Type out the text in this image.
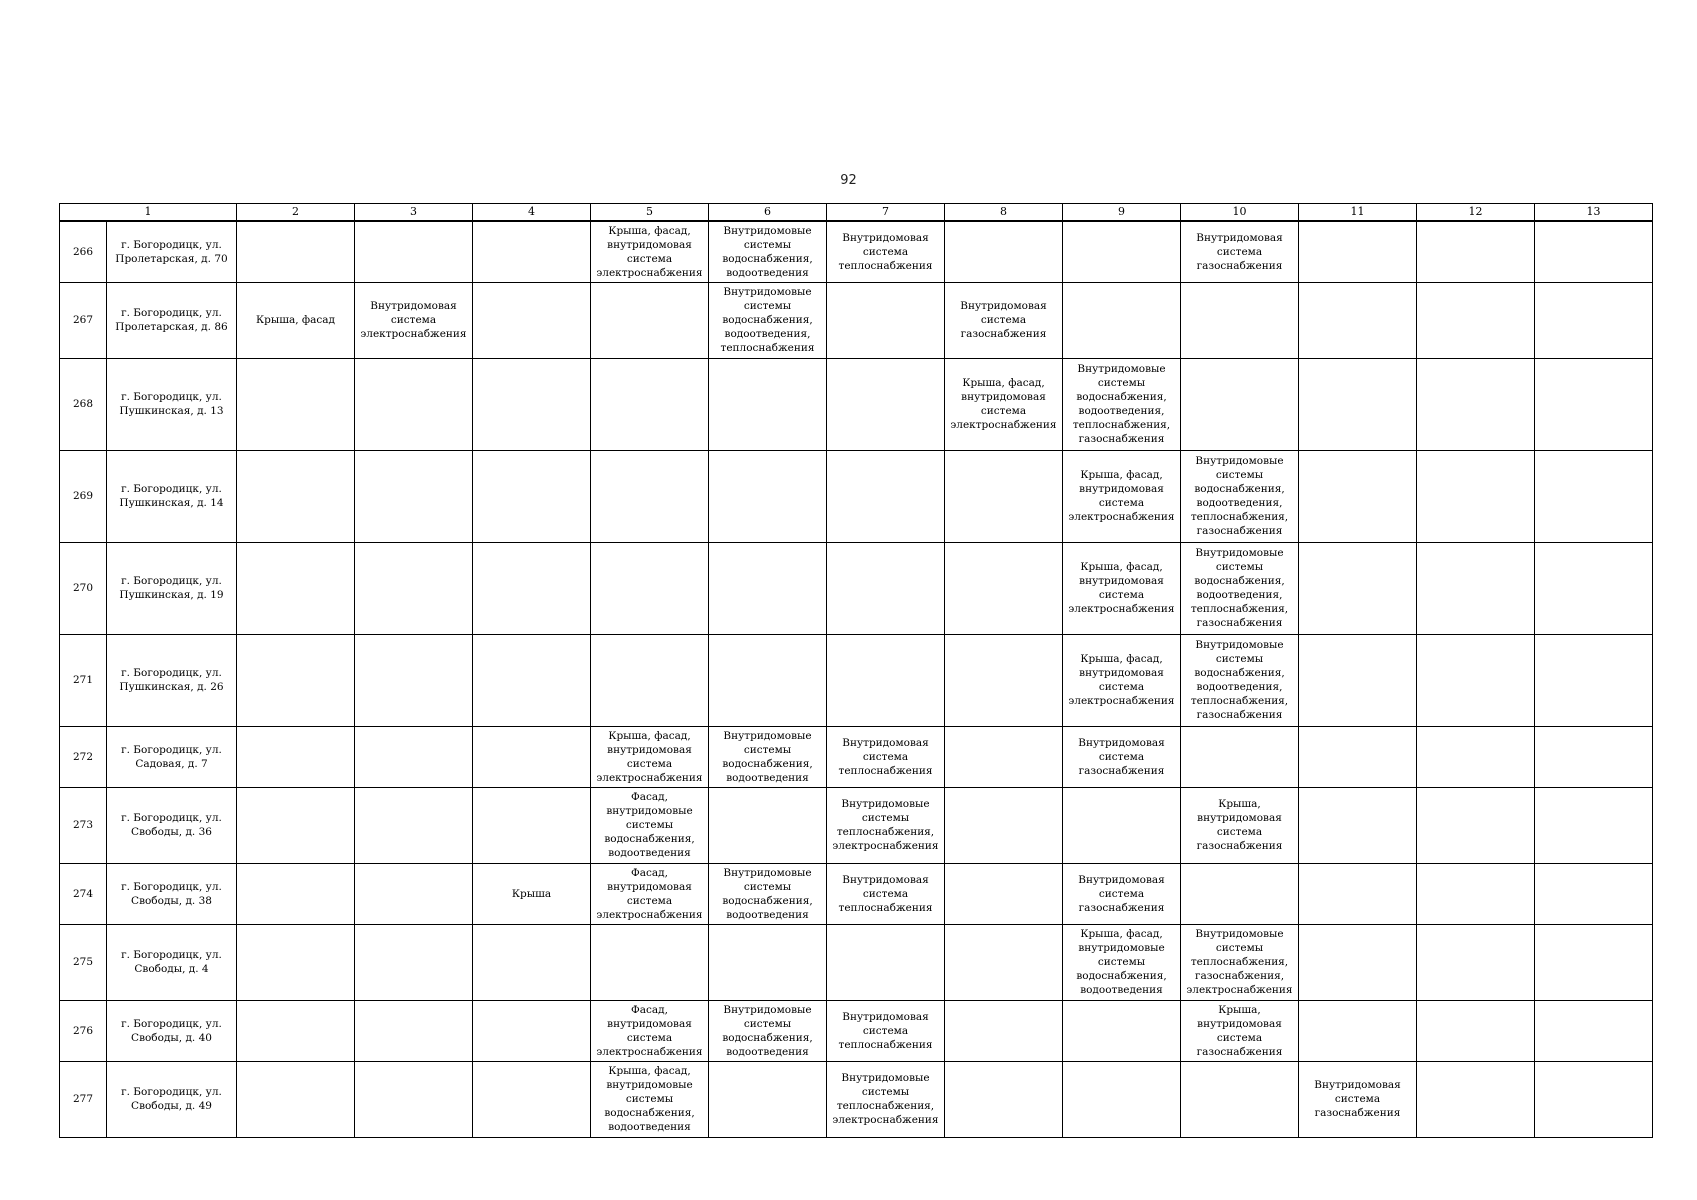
92
1		2	3	4	5	6	7	8	9	10	11	12	13
266	г. Богородицк, ул. Пролетарская, д. 70				Крыша, фасад, внутридомовая система электроснабжения	Внутридомовые системы водоснабжения, водоотведения	Внутридомовая система теплоснабжения			Внутридомовая система газоснабжения			
267	г. Богородицк, ул. Пролетарская, д. 86	Крыша, фасад	Внутридомовая система электроснабжения			Внутридомовые системы водоснабжения, водоотведения, теплоснабжения		Внутридомовая система газоснабжения					
268	г. Богородицк, ул. Пушкинская, д. 13							Крыша, фасад, внутридомовая система электроснабжения	Внутридомовые системы водоснабжения, водоотведения, теплоснабжения, газоснабжения				
269	г. Богородицк, ул. Пушкинская, д. 14								Крыша, фасад, внутридомовая система электроснабжения	Внутридомовые системы водоснабжения, водоотведения, теплоснабжения, газоснабжения			
270	г. Богородицк, ул. Пушкинская, д. 19								Крыша, фасад, внутридомовая система электроснабжения	Внутридомовые системы водоснабжения, водоотведения, теплоснабжения, газоснабжения			
271	г. Богородицк, ул. Пушкинская, д. 26								Крыша, фасад, внутридомовая система электроснабжения	Внутридомовые системы водоснабжения, водоотведения, теплоснабжения, газоснабжения			
272	г. Богородицк, ул. Садовая, д. 7				Крыша, фасад, внутридомовая система электроснабжения	Внутридомовые системы водоснабжения, водоотведения	Внутридомовая система теплоснабжения		Внутридомовая система газоснабжения				
273	г. Богородицк, ул. Свободы, д. 36				Фасад, внутридомовые системы водоснабжения, водоотведения		Внутридомовые системы теплоснабжения, электроснабжения			Крыша, внутридомовая система газоснабжения			
274	г. Богородицк, ул. Свободы, д. 38			Крыша	Фасад, внутридомовая система электроснабжения	Внутридомовые системы водоснабжения, водоотведения	Внутридомовая система теплоснабжения		Внутридомовая система газоснабжения				
275	г. Богородицк, ул. Свободы, д. 4								Крыша, фасад, внутридомовые системы водоснабжения, водоотведения	Внутридомовые системы теплоснабжения, газоснабжения, электроснабжения			
276	г. Богородицк, ул. Свободы, д. 40				Фасад, внутридомовая система электроснабжения	Внутридомовые системы водоснабжения, водоотведения	Внутридомовая система теплоснабжения			Крыша, внутридомовая система газоснабжения			
277	г. Богородицк, ул. Свободы, д. 49				Крыша, фасад, внутридомовые системы водоснабжения, водоотведения		Внутридомовые системы теплоснабжения, электроснабжения				Внутридомовая система газоснабжения		
